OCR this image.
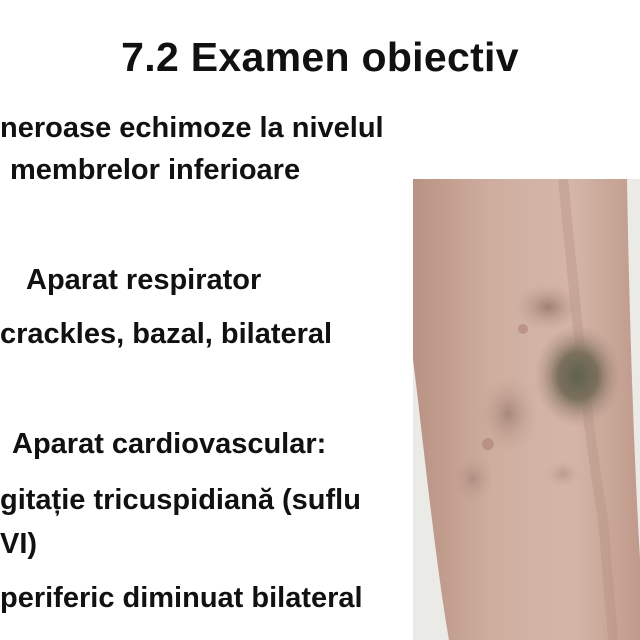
7.2 Examen obiectiv
neroase echimoze la nivelul
membrelor inferioare
Aparat respirator
crackles, bazal, bilateral
Aparat cardiovascular:
gitație tricuspidiană (suflu
VI)
periferic diminuat bilateral
